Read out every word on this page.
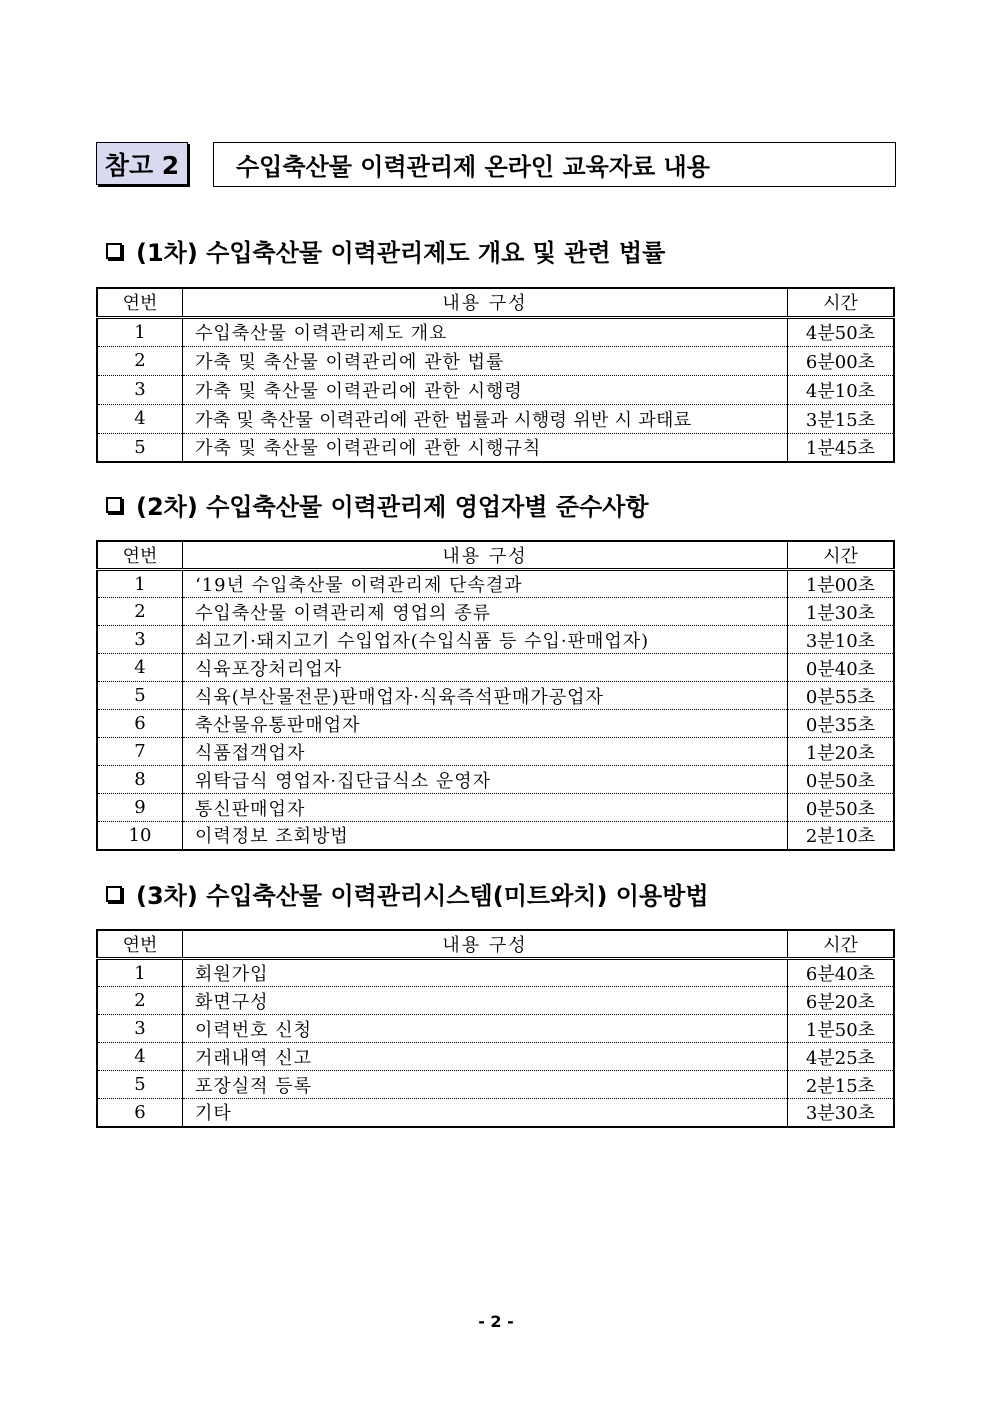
참고 2	수입축산물 이력관리제 온라인 교육자료 내용
(1차) 수입축산물 이력관리제도 개요 및 관련 법률
연번	내용 구성	시간
1	수입축산물 이력관리제도 개요	4분50초
2	가축 및 축산물 이력관리에 관한 법률	6분00초
3	가축 및 축산물 이력관리에 관한 시행령	4분10초
4	가축 및 축산물 이력관리에 관한 법률과 시행령 위반 시 과태료	3분15초
5	가축 및 축산물 이력관리에 관한 시행규칙	1분45초
(2차) 수입축산물 이력관리제 영업자별 준수사항
연번	내용 구성	시간
1	‘19년 수입축산물 이력관리제 단속결과	1분00초
2	수입축산물 이력관리제 영업의 종류	1분30초
3	쇠고기·돼지고기 수입업자(수입식품 등 수입·판매업자)	3분10초
4	식육포장처리업자	0분40초
5	식육(부산물전문)판매업자·식육즉석판매가공업자	0분55초
6	축산물유통판매업자	0분35초
7	식품접객업자	1분20초
8	위탁급식 영업자·집단급식소 운영자	0분50초
9	통신판매업자	0분50초
10	이력정보 조회방법	2분10초
(3차) 수입축산물 이력관리시스템(미트와치) 이용방법
연번	내용 구성	시간
1	회원가입	6분40초
2	화면구성	6분20초
3	이력번호 신청	1분50초
4	거래내역 신고	4분25초
5	포장실적 등록	2분15초
6	기타	3분30초
- 2 -
